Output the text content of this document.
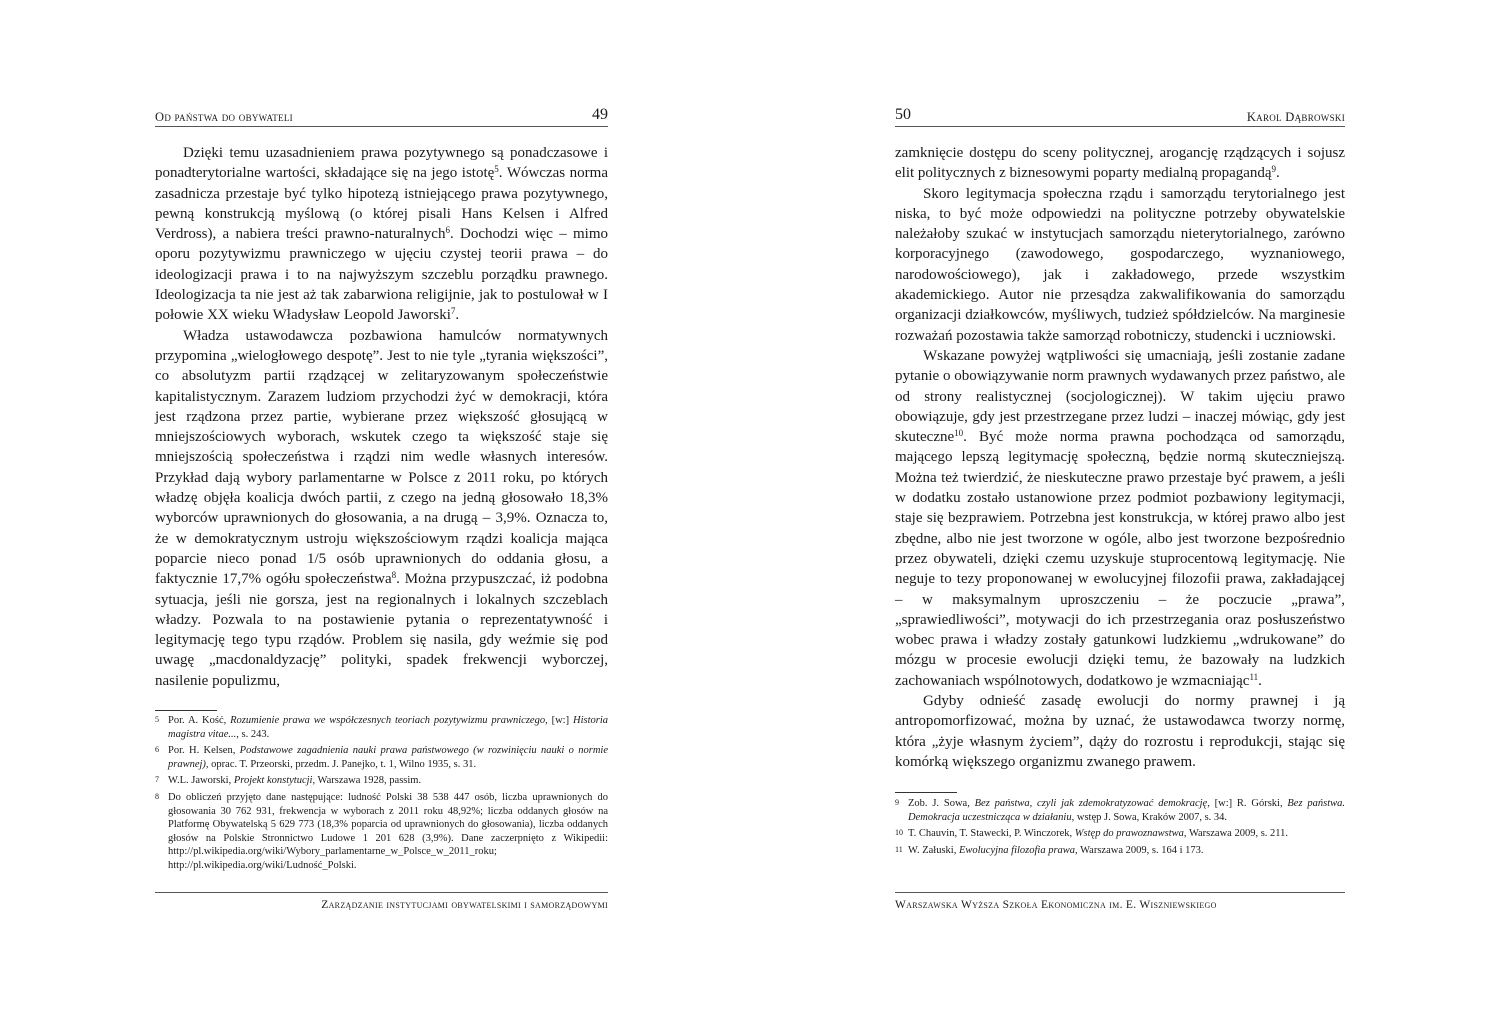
Od państwa do obywateli	49

Dzięki temu uzasadnieniem prawa pozytywnego są ponadczasowe i ponadterytorialne wartości, składające się na jego istotę$^5$. Wówczas norma zasadnicza przestaje być tylko hipotezą istniejącego prawa pozytywnego, pewną konstrukcją myślową (o której pisali Hans Kelsen i Alfred Verdross), a nabiera treści prawno-naturalnych$^6$. Dochodzi więc – mimo oporu pozytywizmu prawniczego w ujęciu czystej teorii prawa – do ideologizacji prawa i to na najwyższym szczeblu porządku prawnego. Ideologizacja ta nie jest aż tak zabarwiona religijnie, jak to postulował w I połowie XX wieku Władysław Leopold Jaworski$^7$.

Władza ustawodawcza pozbawiona hamulców normatywnych przypomina „wielogłowego despotę”. Jest to nie tyle „tyrania większości”, co absolutyzm partii rządzącej w zelitaryzowanym społeczeństwie kapitalistycznym. Zarazem ludziom przychodzi żyć w demokracji, która jest rządzona przez partie, wybierane przez większość głosującą w mniejszościowych wyborach, wskutek czego ta większość staje się mniejszością społeczeństwa i rządzi nim wedle własnych interesów. Przykład dają wybory parlamentarne w Polsce z 2011 roku, po których władzę objęła koalicja dwóch partii, z czego na jedną głosowało 18,3% wyborców uprawnionych do głosowania, a na drugą – 3,9%. Oznacza to, że w demokratycznym ustroju większościowym rządzi koalicja mająca poparcie nieco ponad 1/5 osób uprawnionych do oddania głosu, a faktycznie 17,7% ogółu społeczeństwa$^8$. Można przypuszczać, iż podobna sytuacja, jeśli nie gorsza, jest na regionalnych i lokalnych szczeblach władzy. Pozwala to na postawienie pytania o reprezentatywność i legitymację tego typu rządów. Problem się nasila, gdy weźmie się pod uwagę „macdonaldyzację” polityki, spadek frekwencji wyborczej, nasilenie populizmu,

5 Por. A. Kość, Rozumienie prawa we współczesnych teoriach pozytywizmu prawniczego, [w:] Historia magistra vitae..., s. 243.
6 Por. H. Kelsen, Podstawowe zagadnienia nauki prawa państwowego (w rozwinięciu nauki o normie prawnej), oprac. T. Przeorski, przedm. J. Panejko, t. 1, Wilno 1935, s. 31.
7 W.L. Jaworski, Projekt konstytucji, Warszawa 1928, passim.
8 Do obliczeń przyjęto dane następujące: ludność Polski 38 538 447 osób, liczba uprawnionych do głosowania 30 762 931, frekwencja w wyborach z 2011 roku 48,92%; liczba oddanych głosów na Platformę Obywatelską 5 629 773 (18,3% poparcia od uprawnionych do głosowania), liczba oddanych głosów na Polskie Stronnictwo Ludowe 1 201 628 (3,9%). Dane zaczerpnięto z Wikipedii: http://pl.wikipedia.org/wiki/Wybory_parlamentarne_w_Polsce_w_2011_roku; http://pl.wikipedia.org/wiki/Ludność_Polski.
Zarządzanie instytucjami obywatelskimi i samorządowymi
Karol Dąbrowski
50

zamknięcie dostępu do sceny politycznej, arogancję rządzących i sojusz elit politycznych z biznesowymi poparty medialną propagandą$^9$.

Skoro legitymacja społeczna rządu i samorządu terytorialnego jest niska, to być może odpowiedzi na polityczne potrzeby obywatelskie należałoby szukać w instytucjach samorządu nieterytorialnego, zarówno korporacyjnego (zawodowego, gospodarczego, wyznaniowego, narodowościowego), jak i zakładowego, przede wszystkim akademickiego. Autor nie przesądza zakwalifikowania do samorządu organizacji działkowców, myśliwych, tudzież spółdzielców. Na marginesie rozważań pozostawia także samorząd robotniczy, studencki i uczniowski.

Wskazane powyżej wątpliwości się umacniają, jeśli zostanie zadane pytanie o obowiązywanie norm prawnych wydawanych przez państwo, ale od strony realistycznej (socjologicznej). W takim ujęciu prawo obowiązuje, gdy jest przestrzegane przez ludzi – inaczej mówiąc, gdy jest skuteczne$^{10}$. Być może norma prawna pochodząca od samorządu, mającego lepszą legitymację społeczną, będzie normą skuteczniejszą. Można też twierdzić, że nieskuteczne prawo przestaje być prawem, a jeśli w dodatku zostało ustanowione przez podmiot pozbawiony legitymacji, staje się bezprawiem. Potrzebna jest konstrukcja, w której prawo albo jest zbędne, albo nie jest tworzone w ogóle, albo jest tworzone bezpośrednio przez obywateli, dzięki czemu uzyskuje stuprocentową legitymację. Nie neguje to tezy proponowanej w ewolucyjnej filozofii prawa, zakładającej – w maksymalnym uproszczeniu – że poczucie „prawa”, „sprawiedliwości”, motywacji do ich przestrzegania oraz posłuszeństwo wobec prawa i władzy zostały gatunkowi ludzkiemu „wdrukowane” do mózgu w procesie ewolucji dzięki temu, że bazowały na ludzkich zachowaniach wspólnotowych, dodatkowo je wzmacniając$^{11}$.

Gdyby odnieść zasadę ewolucji do normy prawnej i ją antropomorfizować, można by uznać, że ustawodawca tworzy normę, która „żyje własnym życiem”, dąży do rozrostu i reprodukcji, stając się komórką większego organizmu zwanego prawem.

9 Zob. J. Sowa, Bez państwa, czyli jak zdemokratyzować demokrację, [w:] R. Górski, Bez państwa. Demokracja uczestnicząca w działaniu, wstęp J. Sowa, Kraków 2007, s. 34.
10 T. Chauvin, T. Stawecki, P. Winczorek, Wstęp do prawoznawstwa, Warszawa 2009, s. 211.
11 W. Załuski, Ewolucyjna filozofia prawa, Warszawa 2009, s. 164 i 173.
Warszawska Wyższa Szkoła Ekonomiczna im. E. Wiszniewskiego
